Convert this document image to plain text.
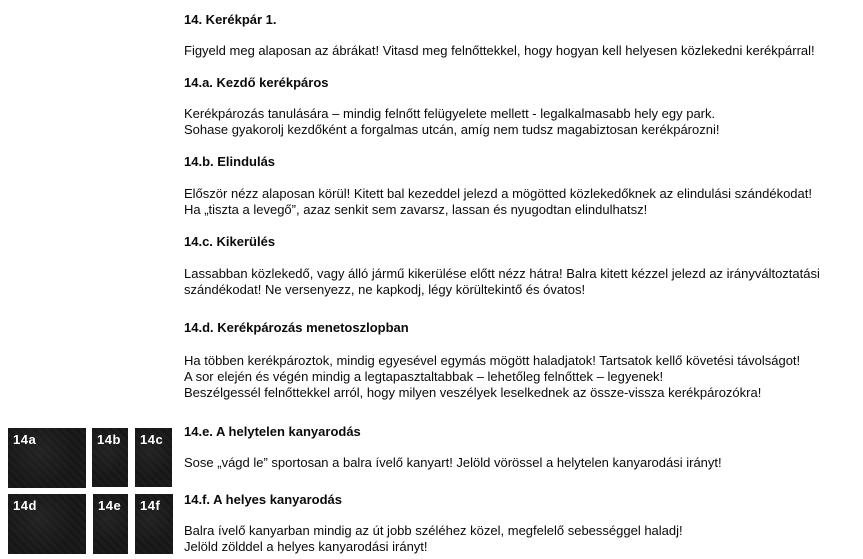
14a	14b	14c
14d	14e	14f
14. Kerékpár 1.

Figyeld meg alaposan az ábrákat! Vitasd meg felnőttekkel, hogy hogyan kell helyesen közlekedni kerékpárral!

14.a. Kezdő kerékpáros

Kerékpározás tanulására – mindig felnőtt felügyelete mellett - legalkalmasabb hely egy park.
Sohase gyakorolj kezdőként a forgalmas utcán, amíg nem tudsz magabiztosan kerékpározni!

14.b. Elindulás

Először nézz alaposan körül! Kitett bal kezeddel jelezd a mögötted közlekedőknek az elindulási szándékodat!
Ha „tiszta a levegő”, azaz senkit sem zavarsz, lassan és nyugodtan elindulhatsz!

14.c. Kikerülés

Lassabban közlekedő, vagy álló jármű kikerülése előtt nézz hátra! Balra kitett kézzel jelezd az irányváltoztatási
szándékodat! Ne versenyezz, ne kapkodj, légy körültekintő és óvatos!

14.d. Kerékpározás menetoszlopban

Ha többen kerékpároztok, mindig egyesével egymás mögött haladjatok! Tartsatok kellő követési távolságot!
A sor elején és végén mindig a legtapasztaltabbak – lehetőleg felnőttek – legyenek!
Beszélgessél felnőttekkel arról, hogy milyen veszélyek leselkednek az össze-vissza kerékpározókra!

14.e. A helytelen kanyarodás

Sose „vágd le” sportosan a balra ívelő kanyart! Jelöld vörössel a helytelen kanyarodási irányt!

14.f. A helyes kanyarodás

Balra ívelő kanyarban mindig az út jobb széléhez közel, megfelelő sebességgel haladj!
Jelöld zölddel a helyes kanyarodási irányt!
